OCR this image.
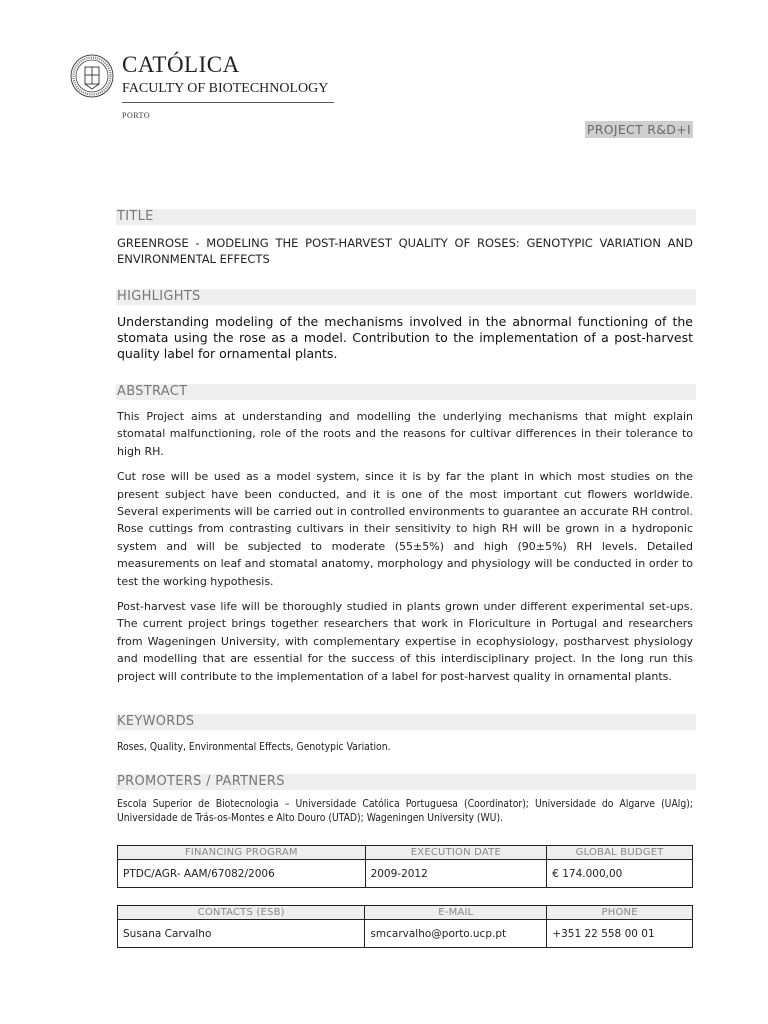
CATÓLICA
FACULTY OF BIOTECHNOLOGY
PORTO
PROJECT R&D+I
TITLE
GREENROSE - MODELING THE POST-HARVEST QUALITY OF ROSES: GENOTYPIC VARIATION AND ENVIRONMENTAL EFFECTS
HIGHLIGHTS
Understanding modeling of the mechanisms involved in the abnormal functioning of the stomata using the rose as a model. Contribution to the implementation of a post-harvest quality label for ornamental plants.
ABSTRACT

This Project aims at understanding and modelling the underlying mechanisms that might explain stomatal malfunctioning, role of the roots and the reasons for cultivar differences in their tolerance to high RH.

Cut rose will be used as a model system, since it is by far the plant in which most studies on the present subject have been conducted, and it is one of the most important cut flowers worldwide. Several experiments will be carried out in controlled environments to guarantee an accurate RH control. Rose cuttings from contrasting cultivars in their sensitivity to high RH will be grown in a hydroponic system and will be subjected to moderate (55±5%) and high (90±5%) RH levels. Detailed measurements on leaf and stomatal anatomy, morphology and physiology will be conducted in order to test the working hypothesis.

Post-harvest vase life will be thoroughly studied in plants grown under different experimental set-ups. The current project brings together researchers that work in Floriculture in Portugal and researchers from Wageningen University, with complementary expertise in ecophysiology, postharvest physiology and modelling that are essential for the success of this interdisciplinary project. In the long run this project will contribute to the implementation of a label for post-harvest quality in ornamental plants.

KEYWORDS
Roses, Quality, Environmental Effects, Genotypic Variation.
PROMOTERS / PARTNERS
Escola Superior de Biotecnologia – Universidade Católica Portuguesa (Coordinator); Universidade do Algarve (UAlg); Universidade de Trás-os-Montes e Alto Douro (UTAD); Wageningen University (WU).
FINANCING PROGRAM	EXECUTION DATE	GLOBAL BUDGET
PTDC/AGR- AAM/67082/2006	2009-2012	€ 174.000,00
CONTACTS (ESB)	E-MAIL	PHONE
Susana Carvalho	smcarvalho@porto.ucp.pt	+351 22 558 00 01
